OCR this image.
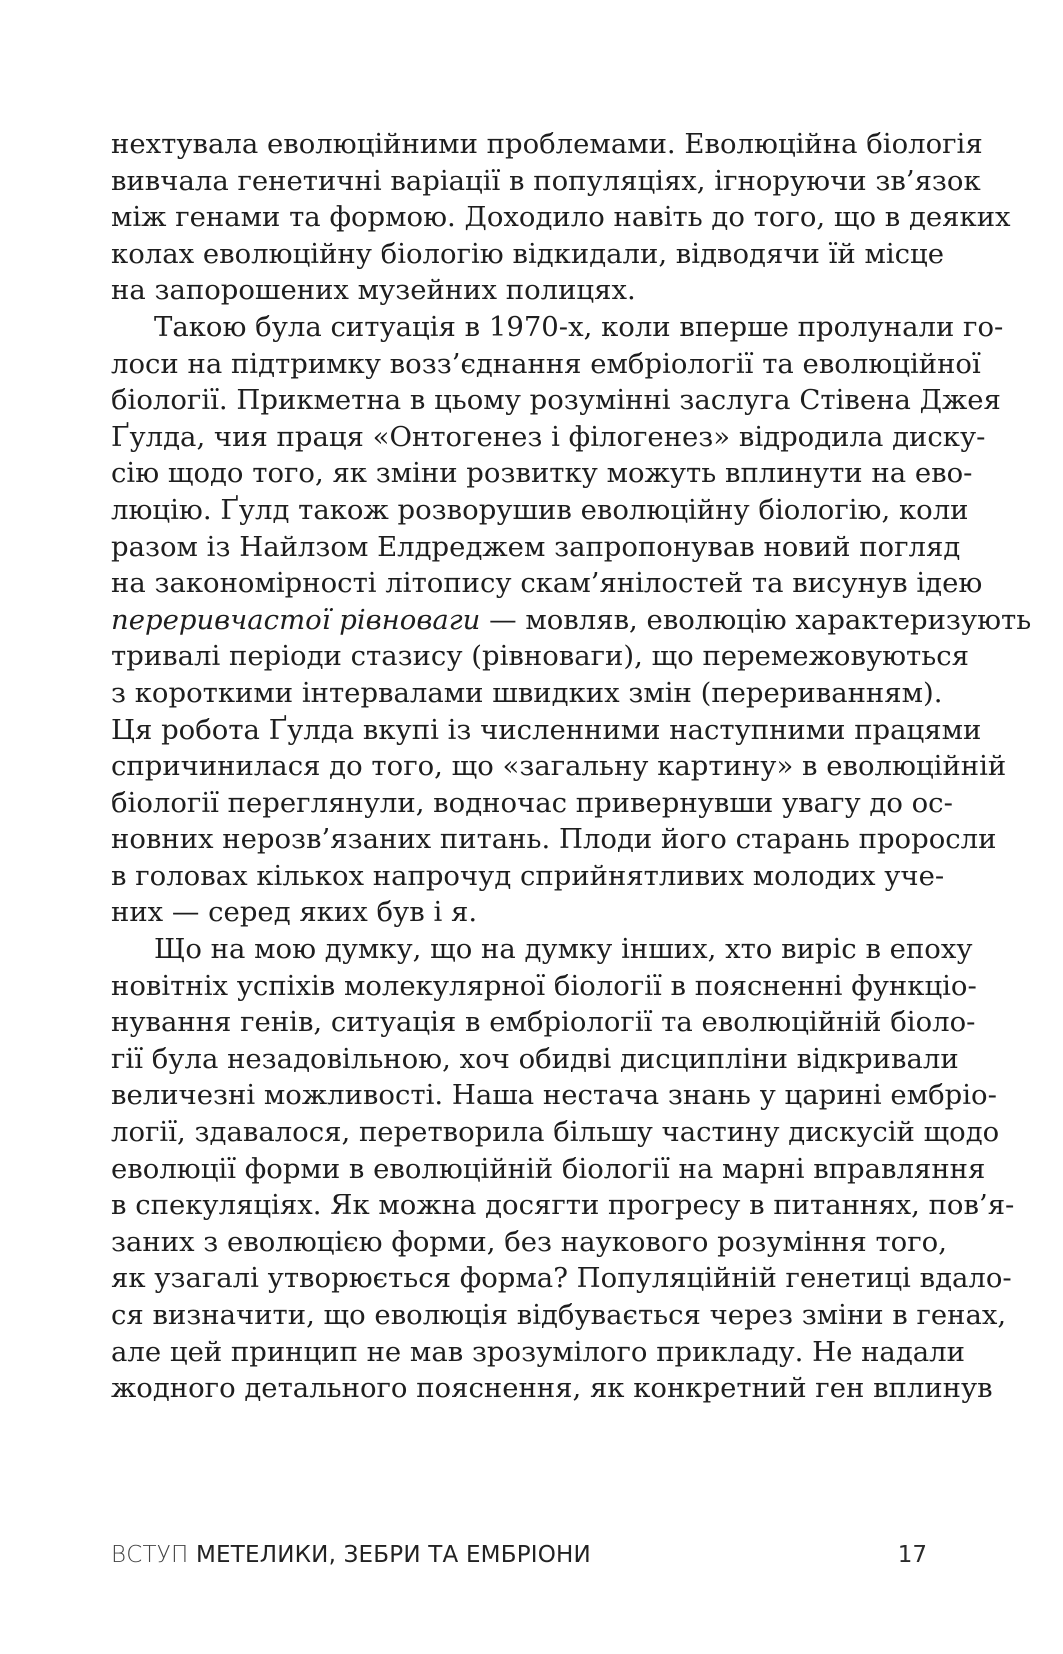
нехтувала еволюційними проблемами. Еволюційна біологія
вивчала генетичні варіації в популяціях, ігноруючи зв’язок
між генами та формою. Доходило навіть до того, що в деяких
колах еволюційну біологію відкидали, відводячи їй місце
на запорошених музейних полицях.
Такою була ситуація в 1970-х, коли вперше пролунали го-
лоси на підтримку возз’єднання ембріології та еволюційної
біології. Прикметна в цьому розумінні заслуга Стівена Джея
Ґулда, чия праця «Онтогенез і філогенез» відродила диску-
сію щодо того, як зміни розвитку можуть вплинути на ево-
люцію. Ґулд також розворушив еволюційну біологію, коли
разом із Найлзом Елдреджем запропонував новий погляд
на закономірності літопису скам’янілостей та висунув ідею
переривчастої рівноваги — мовляв, еволюцію характеризують
тривалі періоди стазису (рівноваги), що перемежовуються
з короткими інтервалами швидких змін (перериванням).
Ця робота Ґулда вкупі із численними наступними працями
спричинилася до того, що «загальну картину» в еволюційній
біології переглянули, водночас привернувши увагу до ос-
новних нерозв’язаних питань. Плоди його старань проросли
в головах кількох напрочуд сприйнятливих молодих уче-
них — серед яких був і я.
Що на мою думку, що на думку інших, хто виріс в епоху
новітніх успіхів молекулярної біології в поясненні функціо-
нування генів, ситуація в ембріології та еволюційній біоло-
гії була незадовільною, хоч обидві дисципліни відкривали
величезні можливості. Наша нестача знань у царині ембріо-
логії, здавалося, перетворила більшу частину дискусій щодо
еволюції форми в еволюційній біології на марні вправляння
в спекуляціях. Як можна досягти прогресу в питаннях, пов’я-
заних з еволюцією форми, без наукового розуміння того,
як узагалі утворюється форма? Популяційній генетиці вдало-
ся визначити, що еволюція відбувається через зміни в генах,
але цей принцип не мав зрозумілого прикладу. Не надали
жодного детального пояснення, як конкретний ген вплинув
ВСТУП МЕТЕЛИКИ, ЗЕБРИ ТА ЕМБРІОНИ	17
